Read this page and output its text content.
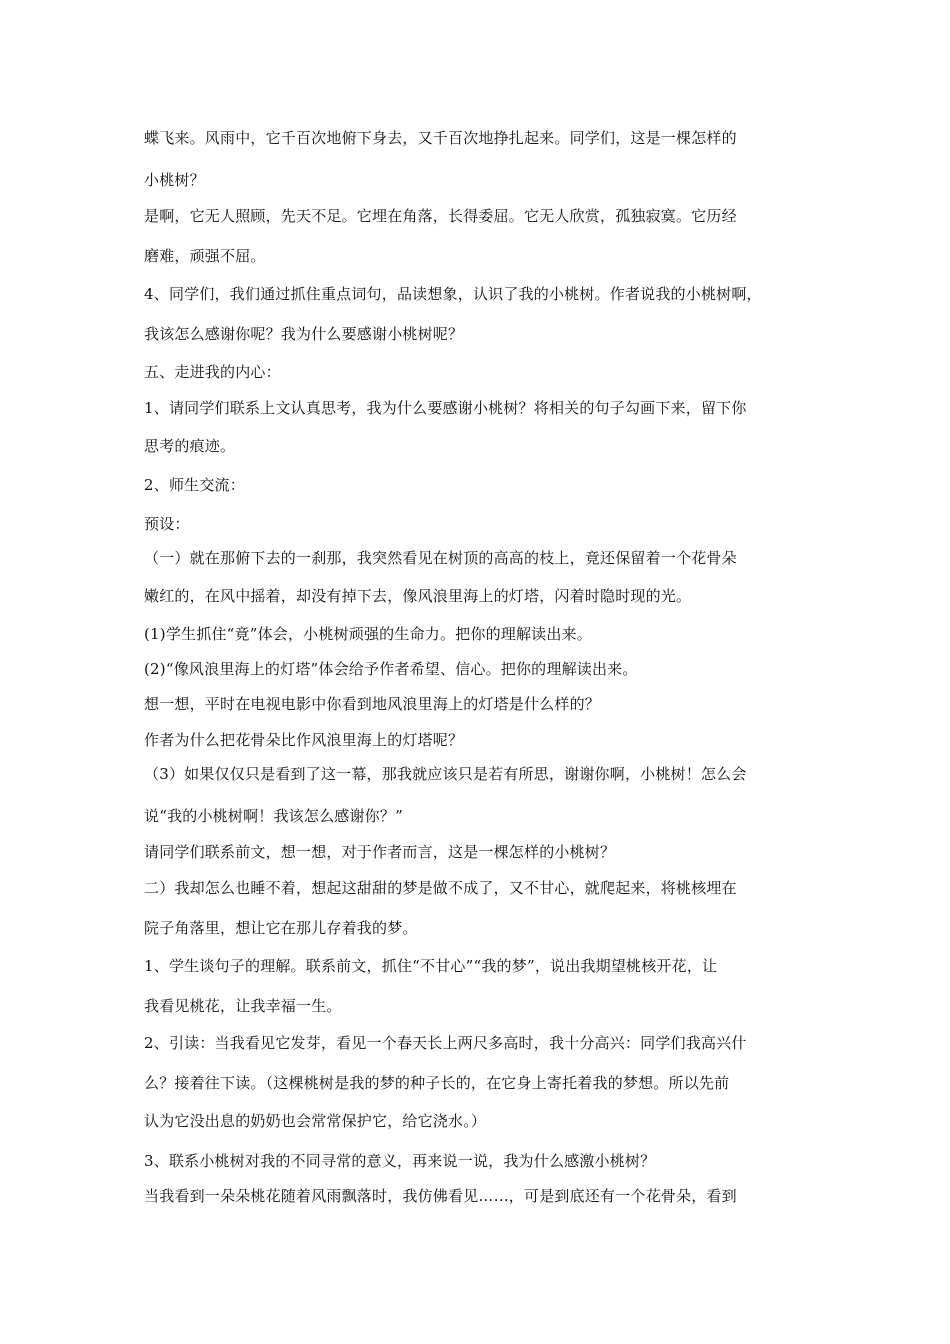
蝶飞来。风雨中，它千百次地俯下身去，又千百次地挣扎起来。同学们，这是一棵怎样的
小桃树？
是啊，它无人照顾，先天不足。它埋在角落，长得委屈。它无人欣赏，孤独寂寞。它历经
磨难，顽强不屈。
4、同学们，我们通过抓住重点词句，品读想象，认识了我的小桃树。作者说我的小桃树啊，
我该怎么感谢你呢？我为什么要感谢小桃树呢？
五、走进我的内心：
1、请同学们联系上文认真思考，我为什么要感谢小桃树？将相关的句子勾画下来，留下你
思考的痕迹。
2、师生交流：
预设：
（一）就在那俯下去的一刹那，我突然看见在树顶的高高的枝上，竟还保留着一个花骨朵
嫩红的，在风中摇着，却没有掉下去，像风浪里海上的灯塔，闪着时隐时现的光。
(1)学生抓住“竟”体会，小桃树顽强的生命力。把你的理解读出来。
(2)“像风浪里海上的灯塔”体会给予作者希望、信心。把你的理解读出来。
想一想，平时在电视电影中你看到地风浪里海上的灯塔是什么样的？
作者为什么把花骨朵比作风浪里海上的灯塔呢？
（3）如果仅仅只是看到了这一幕，那我就应该只是若有所思，谢谢你啊，小桃树！怎么会
说“我的小桃树啊！我该怎么感谢你？”
请同学们联系前文，想一想，对于作者而言，这是一棵怎样的小桃树？
二）我却怎么也睡不着，想起这甜甜的梦是做不成了，又不甘心，就爬起来，将桃核埋在
院子角落里，想让它在那儿存着我的梦。
1、学生谈句子的理解。联系前文，抓住“不甘心”“我的梦”，说出我期望桃核开花，让
我看见桃花，让我幸福一生。
2、引读：当我看见它发芽，看见一个春天长上两尺多高时，我十分高兴：同学们我高兴什
么？接着往下读。（这棵桃树是我的梦的种子长的，在它身上寄托着我的梦想。所以先前
认为它没出息的奶奶也会常常保护它，给它浇水。）
3、联系小桃树对我的不同寻常的意义，再来说一说，我为什么感激小桃树？
当我看到一朵朵桃花随着风雨飘落时，我仿佛看见……，可是到底还有一个花骨朵，看到
